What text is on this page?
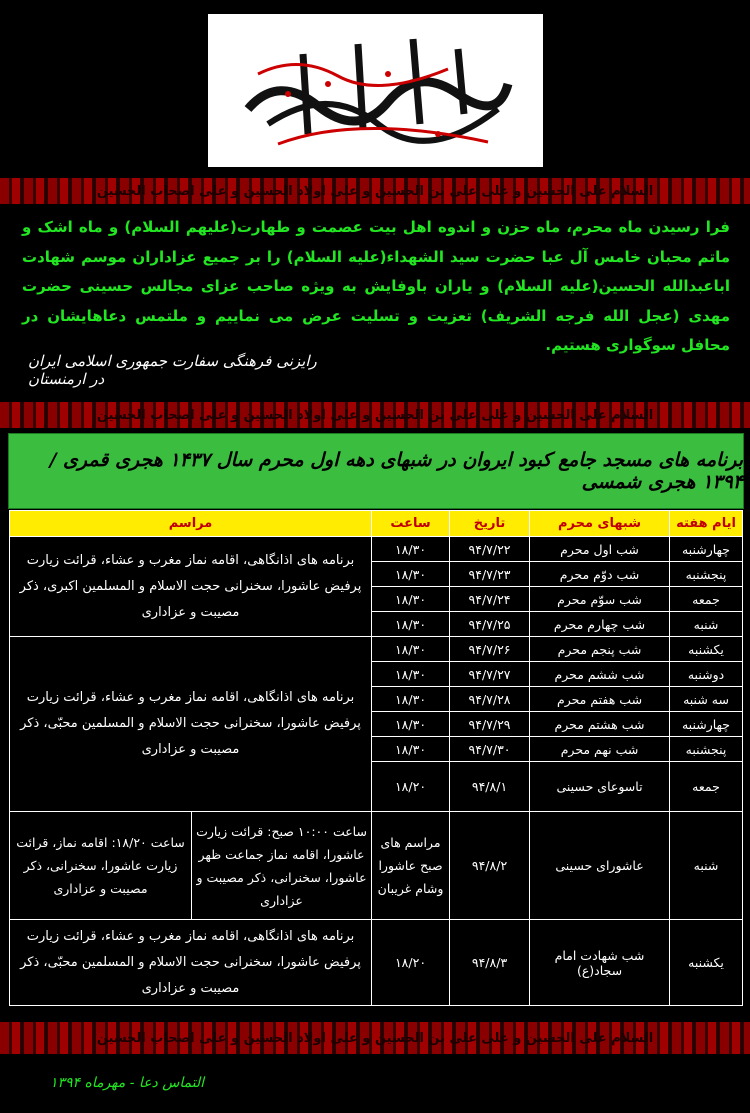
السلام علی الحسین و علی علی بن الحسین و علی اولاد الحسین و علی اصحاب الحسین
فرا رسیدن ماه محرم، ماه حزن و اندوه اهل بیت عصمت و طهارت(علیهم السلام) و ماه اشک و ماتم محبان خامس آل عبا حضرت سید الشهداء(علیه السلام) را بر جمیع عزاداران موسم شهادت اباعبدالله الحسین(علیه السلام) و یاران باوفایش به ویژه صاحب عزای مجالس حسینی حضرت مهدی (عجل الله فرجه الشریف) تعزیت و تسلیت عرض می نماییم و ملتمس دعاهایشان در محافل سوگواری هستیم.
رایزنی فرهنگی سفارت جمهوری اسلامی ایران در ارمنستان
السلام علی الحسین و علی علی بن الحسین و علی اولاد الحسین و علی اصحاب الحسین
برنامه های مسجد جامع کبود ایروان در شبهای دهه اول محرم سال ۱۴۳۷ هجری قمری / ۱۳۹۴ هجری شمسی
ایام هفته	شبهای محرم	تاریخ	ساعت	مراسم	
چهارشنبه	شب اول محرم	۹۴/۷/۲۲	۱۸/۳۰	برنامه های اذانگاهی، اقامه نماز مغرب و عشاء، قرائت زیارت پرفیض عاشورا، سخنرانی حجت الاسلام و المسلمین اکبری، ذکر مصیبت و عزاداری	
پنجشنبه	شب دوّم محرم	۹۴/۷/۲۳	۱۸/۳۰		
جمعه	شب سوّم محرم	۹۴/۷/۲۴	۱۸/۳۰		
شنبه	شب چهارم محرم	۹۴/۷/۲۵	۱۸/۳۰		
یکشنبه	شب پنجم محرم	۹۴/۷/۲۶	۱۸/۳۰	برنامه های اذانگاهی، اقامه نماز مغرب و عشاء، قرائت زیارت پرفیض عاشورا، سخنرانی حجت الاسلام و المسلمین محبّی، ذکر مصیبت و عزاداری	
دوشنبه	شب ششم محرم	۹۴/۷/۲۷	۱۸/۳۰		
سه شنبه	شب هفتم محرم	۹۴/۷/۲۸	۱۸/۳۰		
چهارشنبه	شب هشتم محرم	۹۴/۷/۲۹	۱۸/۳۰		
پنجشنبه	شب نهم محرم	۹۴/۷/۳۰	۱۸/۳۰		
جمعه	تاسوعای حسینی	۹۴/۸/۱	۱۸/۲۰		
شنبه	عاشورای حسینی	۹۴/۸/۲	مراسم های صبح عاشورا وشام غریبان	ساعت ۱۰:۰۰ صبح: قرائت زیارت عاشورا، اقامه نماز جماعت ظهر عاشورا، سخنرانی، ذکر مصیبت و عزاداری	ساعت ۱۸/۲۰: اقامه نماز، قرائت زیارت عاشورا، سخنرانی، ذکر مصیبت و عزاداری
یکشنبه	شب شهادت امام سجاد(ع)	۹۴/۸/۳	۱۸/۲۰	برنامه های اذانگاهی، اقامه نماز مغرب و عشاء، قرائت زیارت پرفیض عاشورا، سخنرانی حجت الاسلام و المسلمین محبّی، ذکر مصیبت و عزاداری	
السلام علی الحسین و علی علی بن الحسین و علی اولاد الحسین و علی اصحاب الحسین
التماس دعا - مهرماه ۱۳۹۴
